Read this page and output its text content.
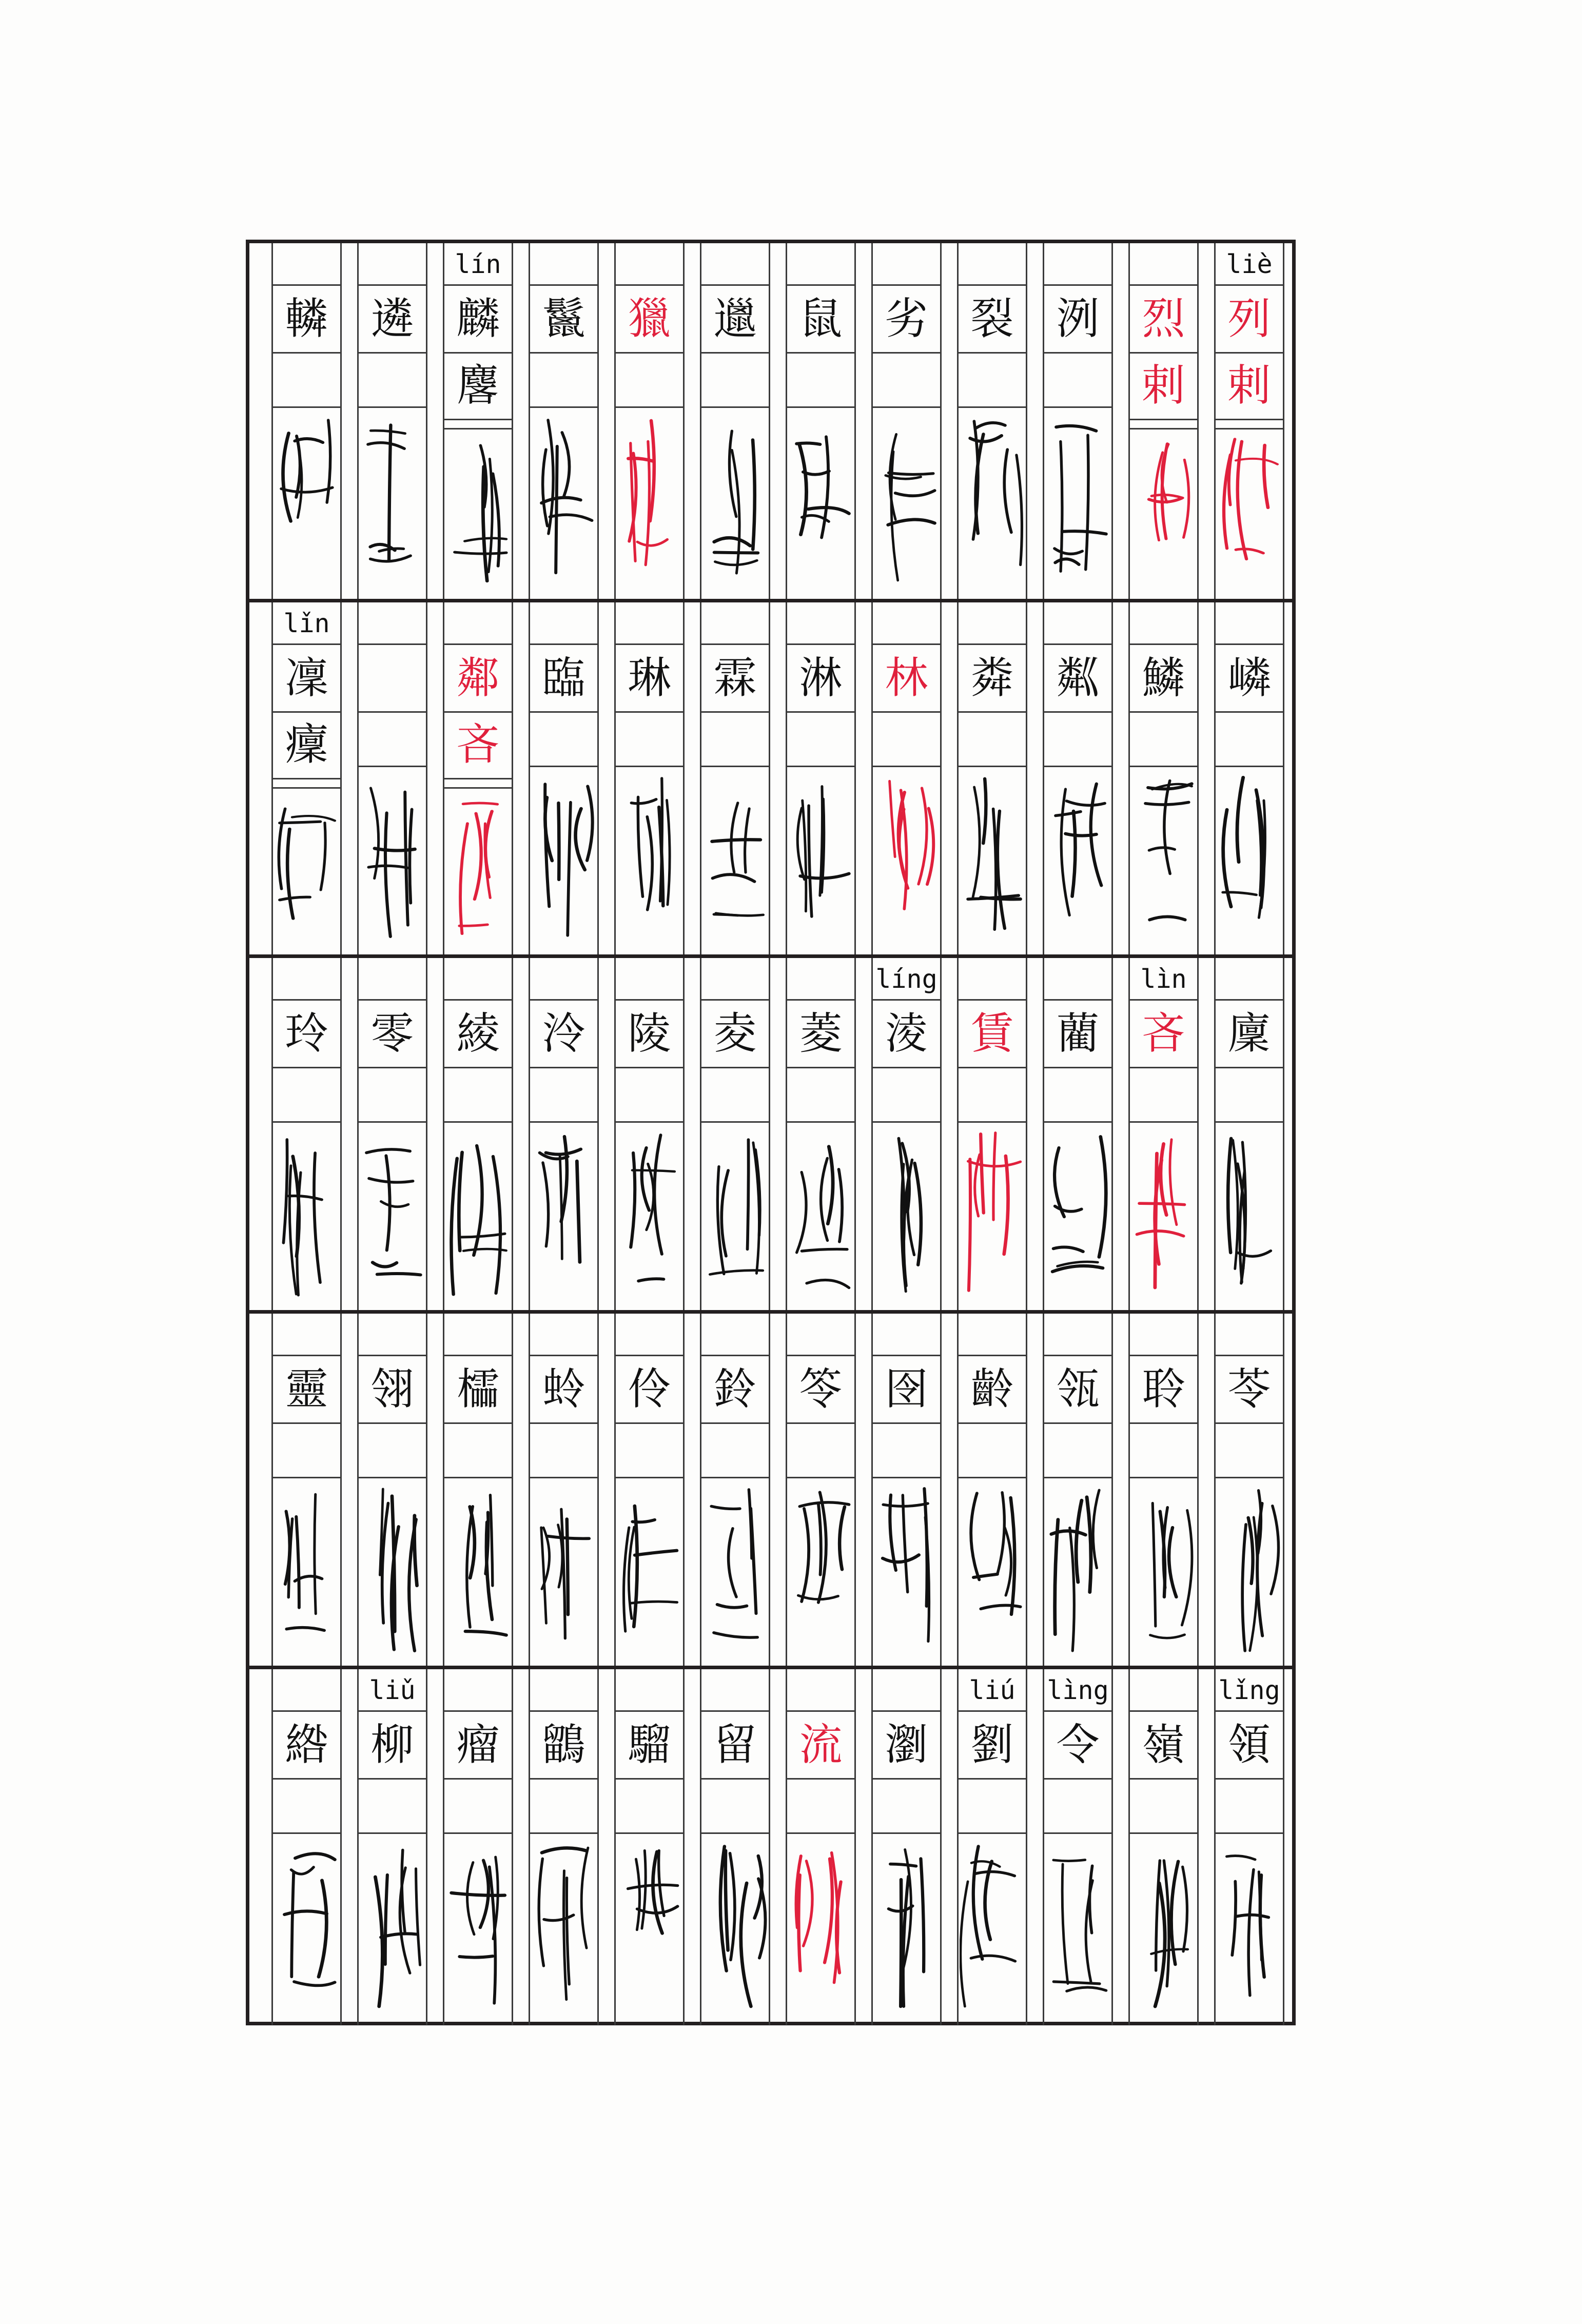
liè
列
剌
烈
剌
洌
裂
劣
鼠
邋
獵
鬣
lín
麟
麐
遴
轔
嶙
鱗
粼
粦
林
淋
霖
琳
臨
鄰
吝
lǐn
凜
癛
廩
lìn
吝
藺
賃
líng
淩
菱
夌
陵
泠
綾
零
玲
苓
聆
瓴
齡
囹
笭
鈴
伶
蛉
櫺
翎
靈
lǐng
領
嶺
lìng
令
liú
劉
瀏
流
留
騮
鶹
瘤
liǔ
柳
綹
